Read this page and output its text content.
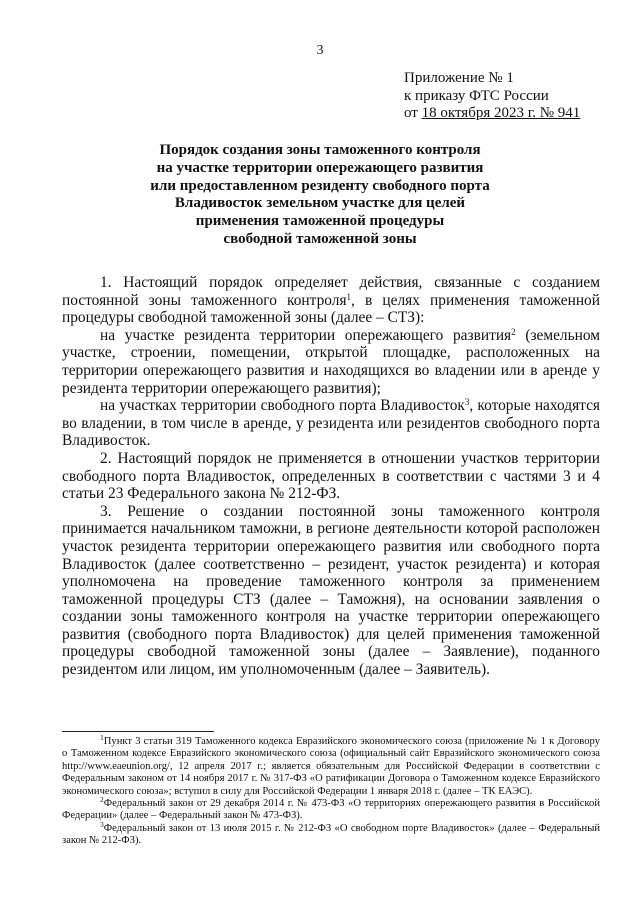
3
Приложение № 1
к приказу ФТС России
от 18 октября 2023 г. № 941
Порядок создания зоны таможенного контроля
на участке территории опережающего развития
или предоставленном резиденту свободного порта
Владивосток земельном участке для целей
применения таможенной процедуры
свободной таможенной зоны

1. Настоящий порядок определяет действия, связанные с созданием постоянной зоны таможенного контроля$^1$, в целях применения таможенной процедуры свободной таможенной зоны (далее – СТЗ):

на участке резидента территории опережающего развития$^2$ (земельном участке, строении, помещении, открытой площадке, расположенных на территории опережающего развития и находящихся во владении или в аренде у резидента территории опережающего развития);

на участках территории свободного порта Владивосток$^3$, которые находятся во владении, в том числе в аренде, у резидента или резидентов свободного порта Владивосток.

2. Настоящий порядок не применяется в отношении участков территории свободного порта Владивосток, определенных в соответствии с частями 3 и 4 статьи 23 Федерального закона № 212-ФЗ.

3. Решение о создании постоянной зоны таможенного контроля принимается начальником таможни, в регионе деятельности которой расположен участок резидента территории опережающего развития или свободного порта Владивосток (далее соответственно – резидент, участок резидента) и которая уполномочена на проведение таможенного контроля за применением таможенной процедуры СТЗ (далее – Таможня), на основании заявления о создании зоны таможенного контроля на участке территории опережающего развития (свободного порта Владивосток) для целей применения таможенной процедуры свободной таможенной зоны (далее – Заявление), поданного резидентом или лицом, им уполномоченным (далее – Заявитель).

$^1$Пункт 3 статьи 319 Таможенного кодекса Евразийского экономического союза (приложение № 1 к Договору о Таможенном кодексе Евразийского экономического союза (официальный сайт Евразийского экономического союза http://www.eaeunion.org/, 12 апреля 2017 г.; является обязательным для Российской Федерации в соответствии с Федеральным законом от 14 ноября 2017 г. № 317-ФЗ «О ратификации Договора о Таможенном кодексе Евразийского экономического союза»; вступил в силу для Российской Федерации 1 января 2018 г. (далее – ТК ЕАЭС).

$^2$Федеральный закон от 29 декабря 2014 г. № 473-ФЗ «О территориях опережающего развития в Российской Федерации» (далее – Федеральный закон № 473-ФЗ).

$^3$Федеральный закон от 13 июля 2015 г. № 212-ФЗ «О свободном порте Владивосток» (далее – Федеральный закон № 212-ФЗ).
